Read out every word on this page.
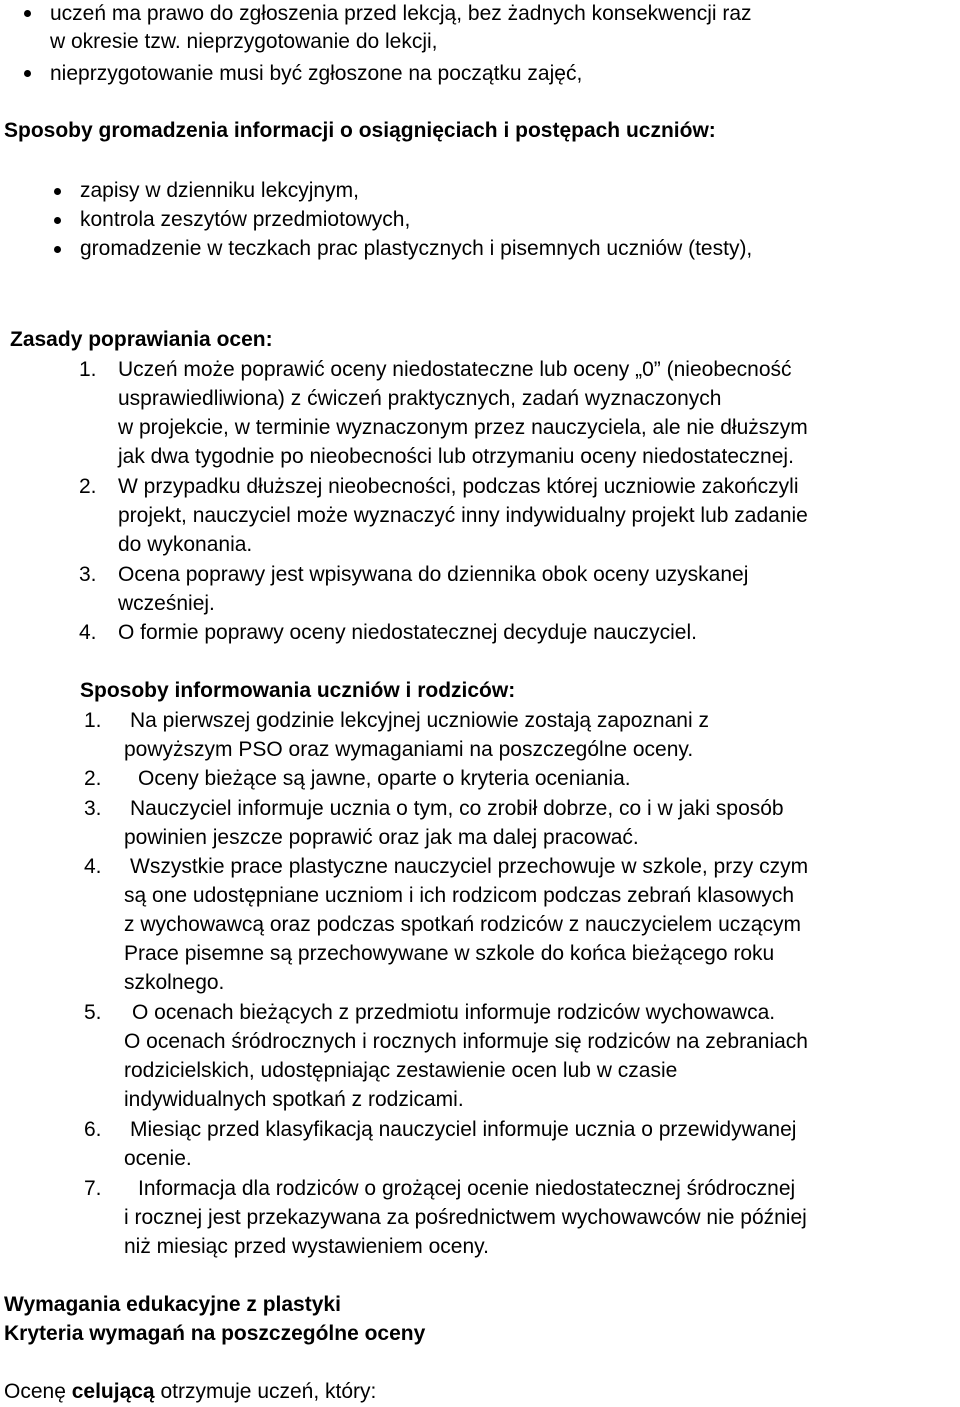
uczeń ma prawo do zgłoszenia przed lekcją, bez żadnych konsekwencji raz
w okresie tzw. nieprzygotowanie do lekcji,
nieprzygotowanie musi być zgłoszone na początku zajęć,
Sposoby gromadzenia informacji o osiągnięciach i postępach uczniów:
zapisy w dzienniku lekcyjnym,
kontrola zeszytów przedmiotowych,
gromadzenie w teczkach prac plastycznych i pisemnych uczniów (testy),
Zasady poprawiania ocen:
1. Uczeń może poprawić oceny niedostateczne lub oceny „0” (nieobecność
usprawiedliwiona) z ćwiczeń praktycznych, zadań wyznaczonych
w projekcie, w terminie wyznaczonym przez nauczyciela, ale nie dłuższym
jak dwa tygodnie po nieobecności lub otrzymaniu oceny niedostatecznej.
2. W przypadku dłuższej nieobecności, podczas której uczniowie zakończyli
projekt, nauczyciel może wyznaczyć inny indywidualny projekt lub zadanie
do wykonania.
3. Ocena poprawy jest wpisywana do dziennika obok oceny uzyskanej
wcześniej.
4. O formie poprawy oceny niedostatecznej decyduje nauczyciel.
Sposoby informowania uczniów i rodziców:
1. Na pierwszej godzinie lekcyjnej uczniowie zostają zapoznani z
powyższym PSO oraz wymaganiami na poszczególne oceny.
2. Oceny bieżące są jawne, oparte o kryteria oceniania.
3. Nauczyciel informuje ucznia o tym, co zrobił dobrze, co i w jaki sposób
powinien jeszcze poprawić oraz jak ma dalej pracować.
4. Wszystkie prace plastyczne nauczyciel przechowuje w szkole, przy czym
są one udostępniane uczniom i ich rodzicom podczas zebrań klasowych
z wychowawcą oraz podczas spotkań rodziców z nauczycielem uczącym
Prace pisemne są przechowywane w szkole do końca bieżącego roku
szkolnego.
5. O ocenach bieżących z przedmiotu informuje rodziców wychowawca.
O ocenach śródrocznych i rocznych informuje się rodziców na zebraniach
rodzicielskich, udostępniając zestawienie ocen lub w czasie
indywidualnych spotkań z rodzicami.
6. Miesiąc przed klasyfikacją nauczyciel informuje ucznia o przewidywanej
ocenie.
7. Informacja dla rodziców o grożącej ocenie niedostatecznej śródrocznej
i rocznej jest przekazywana za pośrednictwem wychowawców nie później
niż miesiąc przed wystawieniem oceny.
Wymagania edukacyjne z plastyki
Kryteria wymagań na poszczególne oceny
Ocenę celującą otrzymuje uczeń, który:
